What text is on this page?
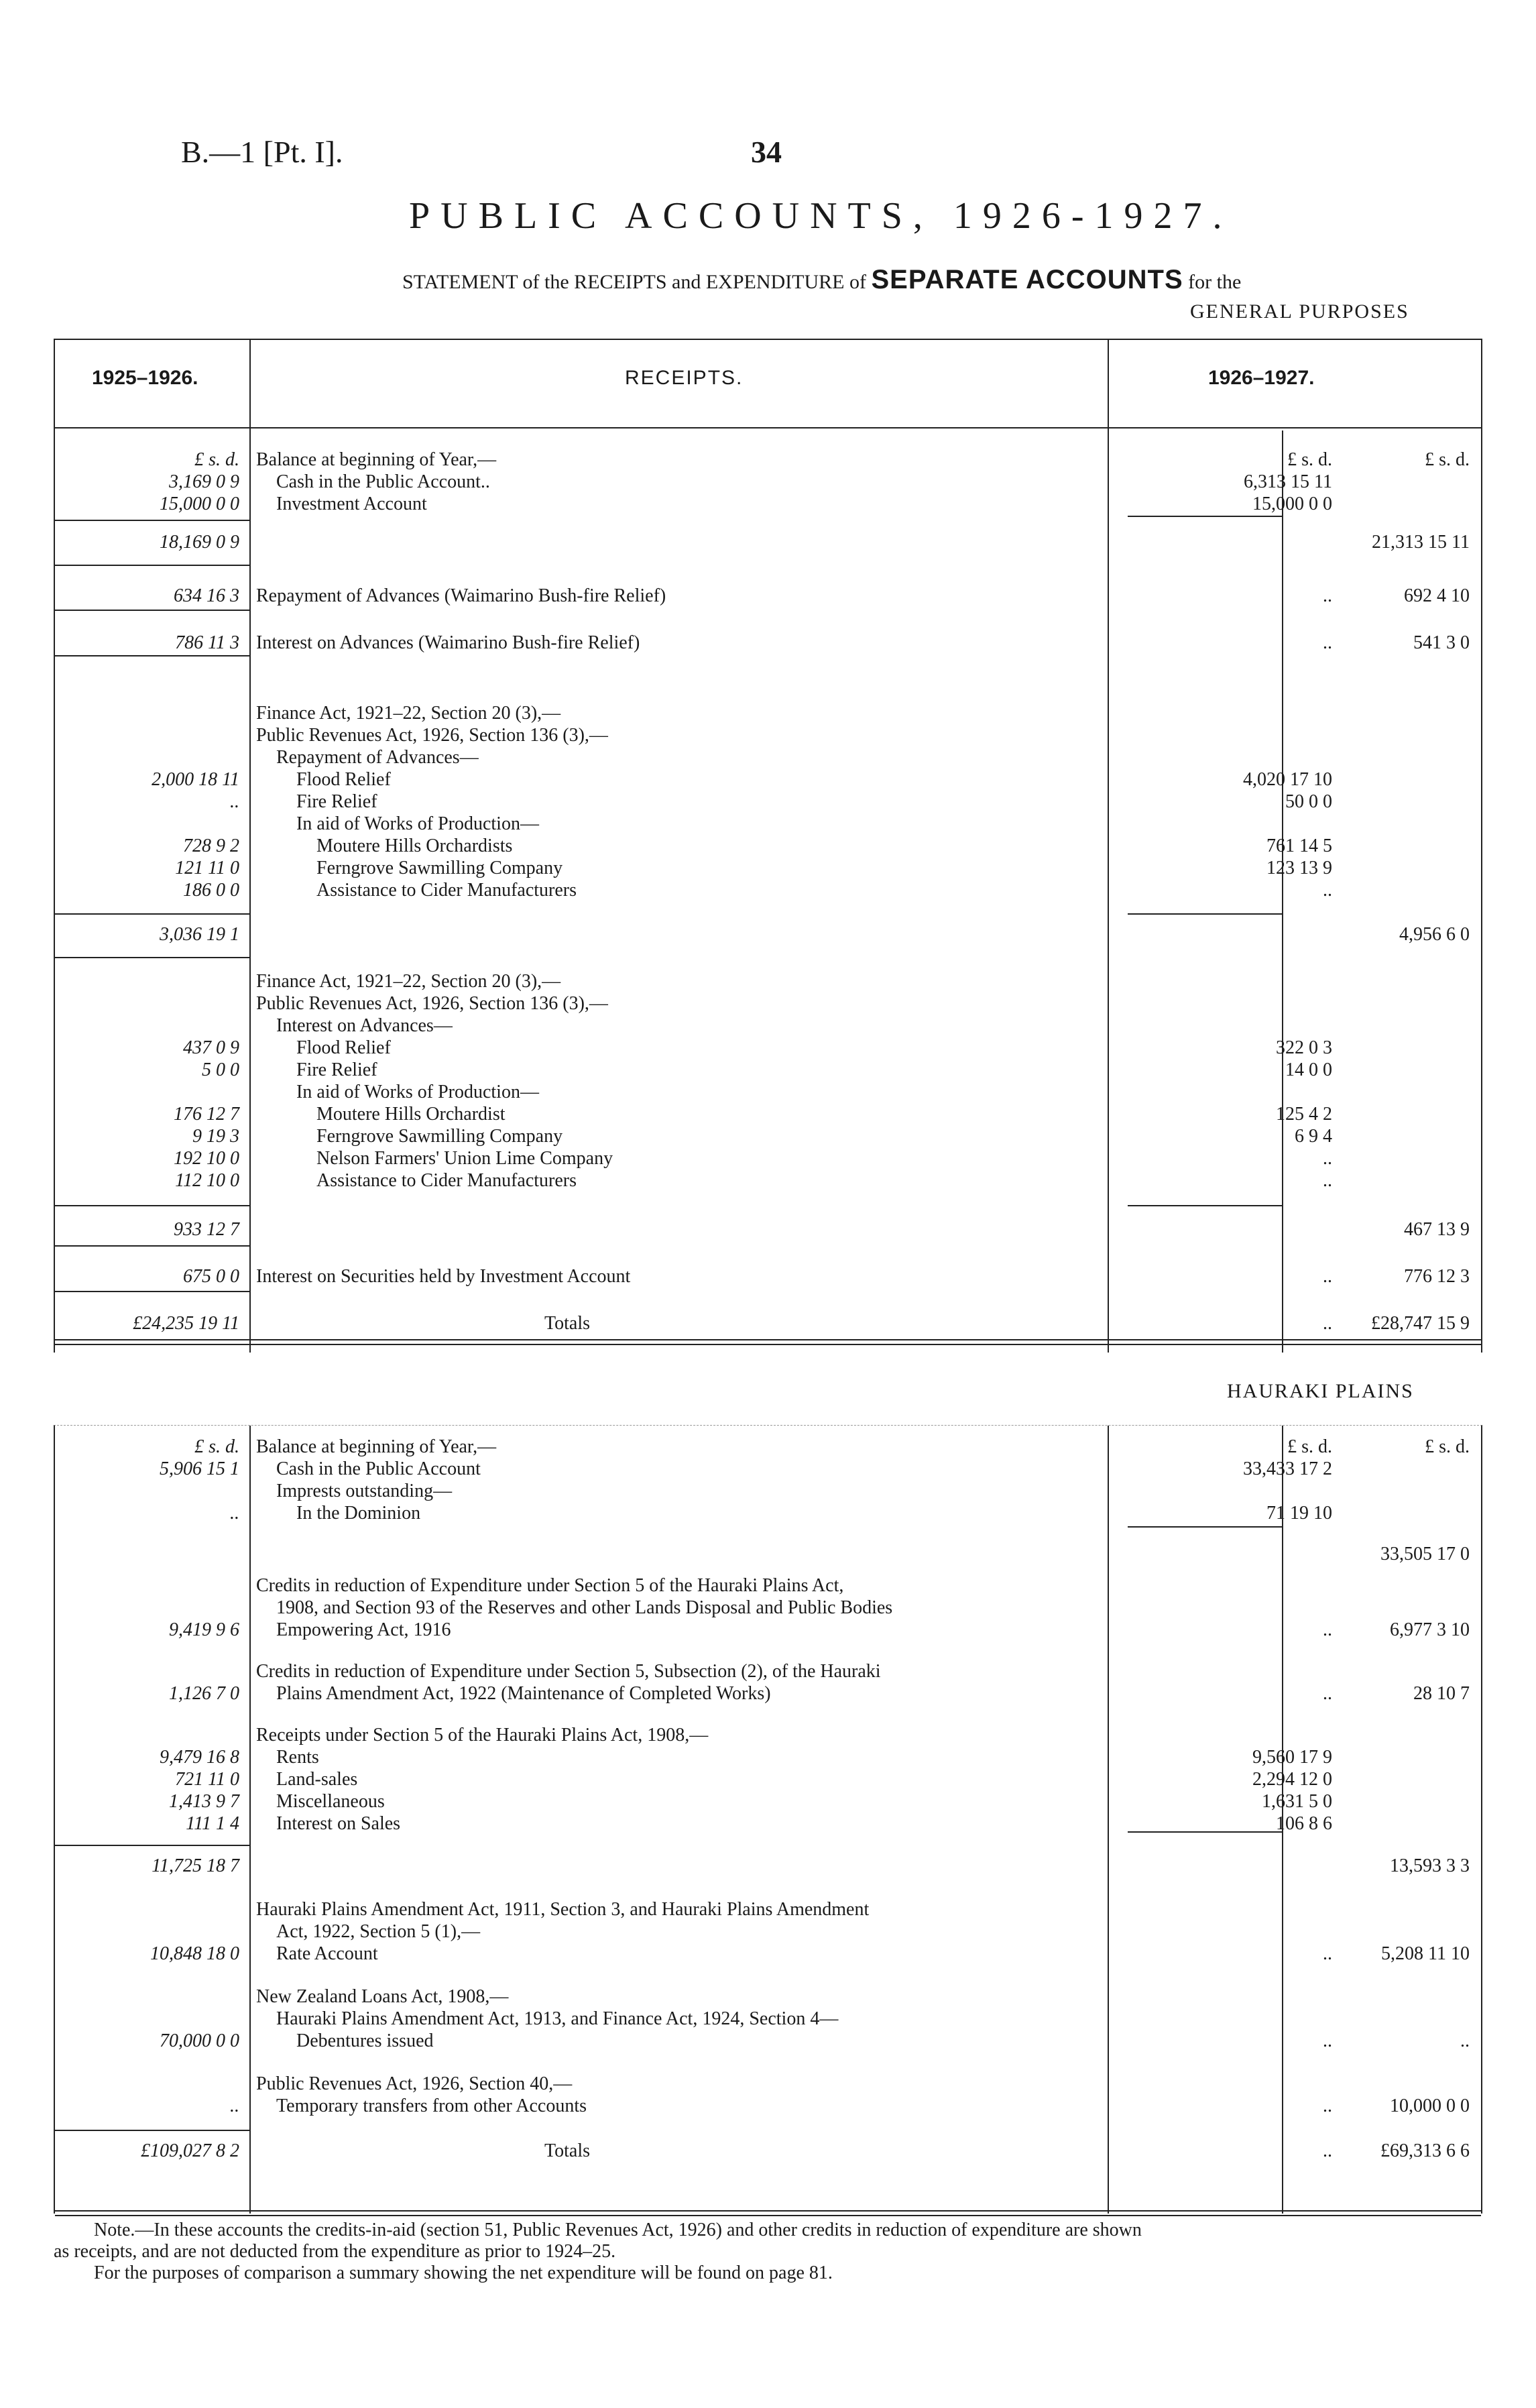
B.—1 [Pt. I].	34
PUBLIC ACCOUNTS, 1926-1927.
STATEMENT of the RECEIPTS and EXPENDITURE of SEPARATE ACCOUNTS for the
GENERAL PURPOSES
1925–1926.	RECEIPTS.	1926–1927.
£ s. d. Balance at beginning of Year,—	£ s. d.	£ s. d.
3,169 0 9 Cash in the Public Account..	6,313 15 11
15,000 0 0 Investment Account	15,000 0 0
18,169 0 9	21,313 15 11
634 16 3 Repayment of Advances (Waimarino Bush-fire Relief)	..	692 4 10
786 11 3 Interest on Advances (Waimarino Bush-fire Relief)	..	541 3 0
Finance Act, 1921–22, Section 20 (3),—
Public Revenues Act, 1926, Section 136 (3),—
Repayment of Advances—
2,000 18 11	Flood Relief	4,020 17 10
..	Fire Relief	50 0 0
In aid of Works of Production—
728 9 2	Moutere Hills Orchardists	761 14 5
121 11 0	Ferngrove Sawmilling Company	123 13 9
186 0 0	Assistance to Cider Manufacturers	..
3,036 19 1	4,956 6 0
Finance Act, 1921–22, Section 20 (3),—
Public Revenues Act, 1926, Section 136 (3),—
Interest on Advances—
437 0 9	Flood Relief	322 0 3
5 0 0	Fire Relief	14 0 0
In aid of Works of Production—
176 12 7	Moutere Hills Orchardist	125 4 2
9 19 3	Ferngrove Sawmilling Company	6 9 4
192 10 0	Nelson Farmers' Union Lime Company	..
112 10 0	Assistance to Cider Manufacturers	..
933 12 7	467 13 9
675 0 0 Interest on Securities held by Investment Account	..	776 12 3
£24,235 19 11	Totals	..	£28,747 15 9
HAURAKI PLAINS
£ s. d. Balance at beginning of Year,—	£ s. d.	£ s. d.
5,906 15 1 Cash in the Public Account	33,433 17 2
Imprests outstanding—
..	In the Dominion	71 19 10
33,505 17 0
Credits in reduction of Expenditure under Section 5 of the Hauraki Plains Act,
1908, and Section 93 of the Reserves and other Lands Disposal and Public Bodies
9,419 9 6 Empowering Act, 1916	..	6,977 3 10
Credits in reduction of Expenditure under Section 5, Subsection (2), of the Hauraki
1,126 7 0 Plains Amendment Act, 1922 (Maintenance of Completed Works)	..	28 10 7
Receipts under Section 5 of the Hauraki Plains Act, 1908,—
9,479 16 8 Rents	9,560 17 9
721 11 0 Land-sales	2,294 12 0
1,413 9 7 Miscellaneous	1,631 5 0
111 1 4 Interest on Sales	106 8 6
11,725 18 7	13,593 3 3
Hauraki Plains Amendment Act, 1911, Section 3, and Hauraki Plains Amendment
Act, 1922, Section 5 (1),—
10,848 18 0 Rate Account	..	5,208 11 10
New Zealand Loans Act, 1908,—
Hauraki Plains Amendment Act, 1913, and Finance Act, 1924, Section 4—
70,000 0 0	Debentures issued	..	..
Public Revenues Act, 1926, Section 40,—
.. Temporary transfers from other Accounts	..	10,000 0 0
£109,027 8 2	Totals	..	£69,313 6 6
Note.—In these accounts the credits-in-aid (section 51, Public Revenues Act, 1926) and other credits in reduction of expenditure are shown
as receipts, and are not deducted from the expenditure as prior to 1924–25.
For the purposes of comparison a summary showing the net expenditure will be found on page 81.
